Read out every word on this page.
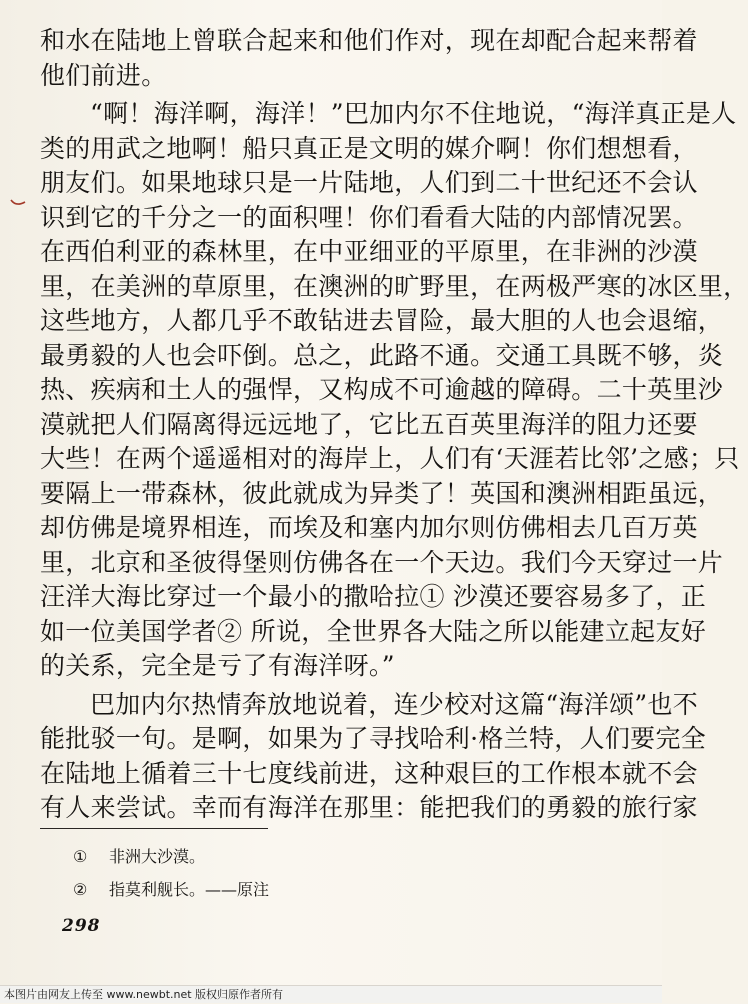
和水在陆地上曾联合起来和他们作对，现在却配合起来帮着
他们前进。
“啊！海洋啊，海洋！”巴加内尔不住地说，“海洋真正是人
类的用武之地啊！船只真正是文明的媒介啊！你们想想看，
朋友们。如果地球只是一片陆地，人们到二十世纪还不会认
识到它的千分之一的面积哩！你们看看大陆的内部情况罢。
在西伯利亚的森林里，在中亚细亚的平原里，在非洲的沙漠
里，在美洲的草原里，在澳洲的旷野里，在两极严寒的冰区里，
这些地方，人都几乎不敢钻进去冒险，最大胆的人也会退缩，
最勇毅的人也会吓倒。总之，此路不通。交通工具既不够，炎
热、疾病和土人的强悍，又构成不可逾越的障碍。二十英里沙
漠就把人们隔离得远远地了，它比五百英里海洋的阻力还要
大些！在两个遥遥相对的海岸上，人们有‘天涯若比邻’之感；只
要隔上一带森林，彼此就成为异类了！英国和澳洲相距虽远，
却仿佛是境界相连，而埃及和塞内加尔则仿佛相去几百万英
里，北京和圣彼得堡则仿佛各在一个天边。我们今天穿过一片
汪洋大海比穿过一个最小的撒哈拉① 沙漠还要容易多了，正
如一位美国学者② 所说，全世界各大陆之所以能建立起友好
的关系，完全是亏了有海洋呀。”
巴加内尔热情奔放地说着，连少校对这篇“海洋颂”也不
能批驳一句。是啊，如果为了寻找哈利·格兰特，人们要完全
在陆地上循着三十七度线前进，这种艰巨的工作根本就不会
有人来尝试。幸而有海洋在那里：能把我们的勇毅的旅行家
① 非洲大沙漠。
② 指莫利舰长。——原注
298
本图片由网友上传至 www.newbt.net 版权归原作者所有
